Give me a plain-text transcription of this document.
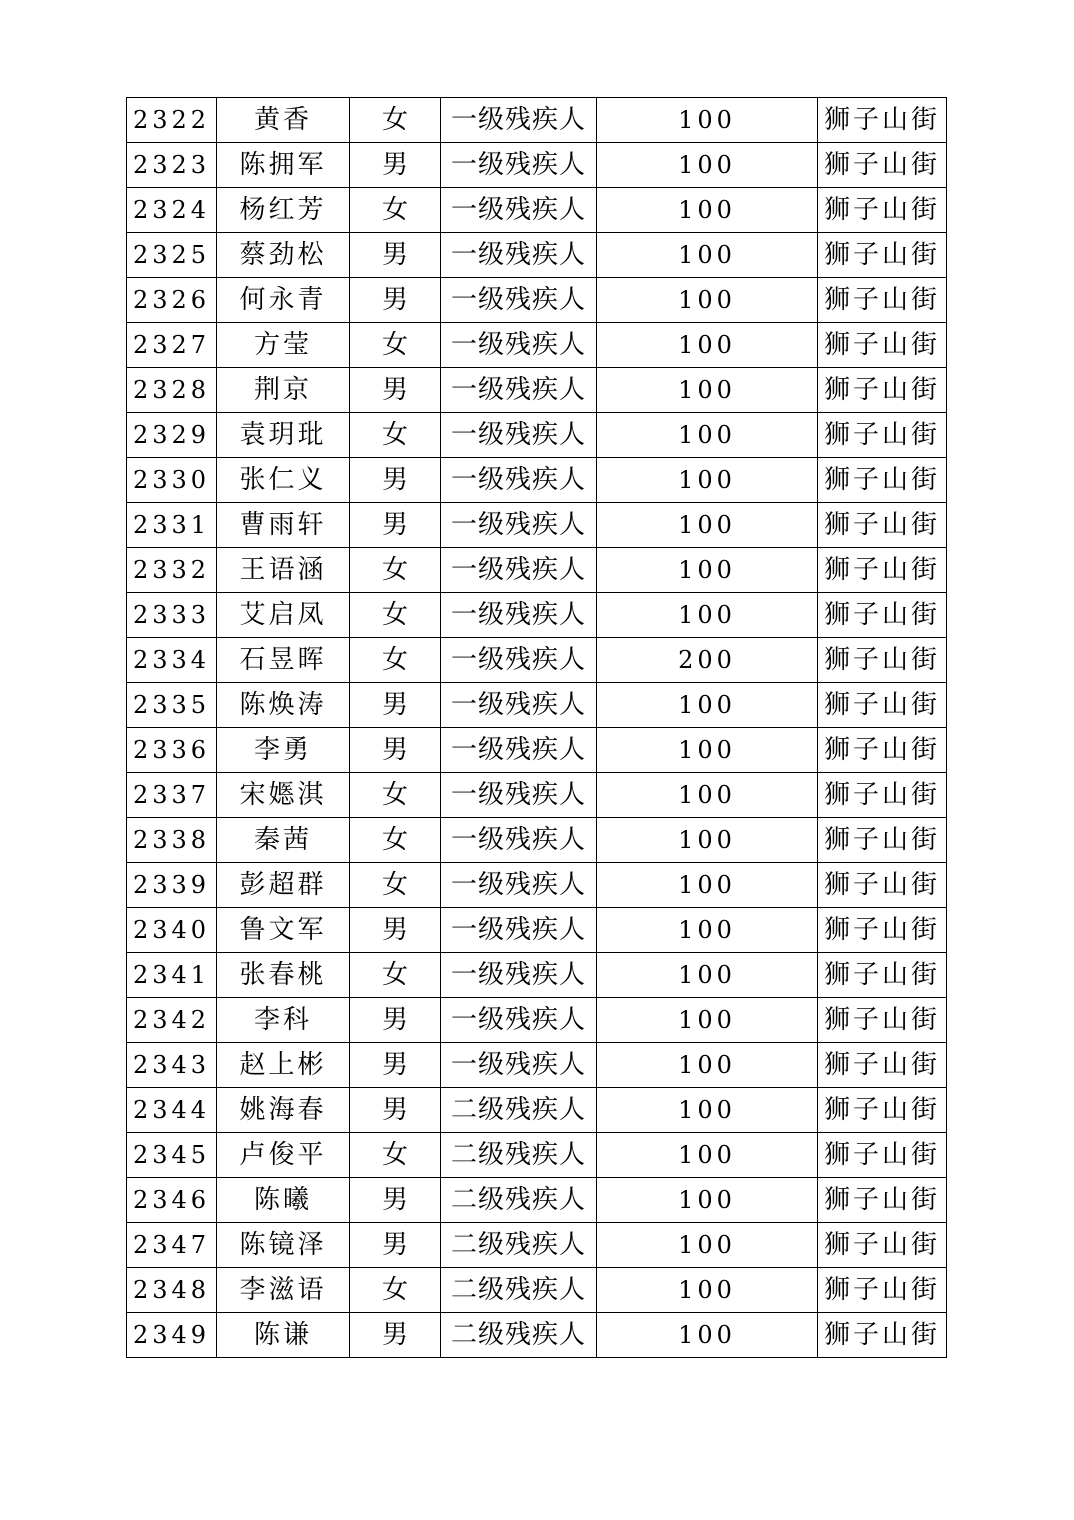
2322	黄香	女	一级残疾人	100	狮子山街
2323	陈拥军	男	一级残疾人	100	狮子山街
2324	杨红芳	女	一级残疾人	100	狮子山街
2325	蔡劲松	男	一级残疾人	100	狮子山街
2326	何永青	男	一级残疾人	100	狮子山街
2327	方莹	女	一级残疾人	100	狮子山街
2328	荆京	男	一级残疾人	100	狮子山街
2329	袁玥玭	女	一级残疾人	100	狮子山街
2330	张仁义	男	一级残疾人	100	狮子山街
2331	曹雨轩	男	一级残疾人	100	狮子山街
2332	王语涵	女	一级残疾人	100	狮子山街
2333	艾启凤	女	一级残疾人	100	狮子山街
2334	石昱晖	女	一级残疾人	200	狮子山街
2335	陈焕涛	男	一级残疾人	100	狮子山街
2336	李勇	男	一级残疾人	100	狮子山街
2337	宋嫕淇	女	一级残疾人	100	狮子山街
2338	秦茜	女	一级残疾人	100	狮子山街
2339	彭超群	女	一级残疾人	100	狮子山街
2340	鲁文军	男	一级残疾人	100	狮子山街
2341	张春桃	女	一级残疾人	100	狮子山街
2342	李科	男	一级残疾人	100	狮子山街
2343	赵上彬	男	一级残疾人	100	狮子山街
2344	姚海春	男	二级残疾人	100	狮子山街
2345	卢俊平	女	二级残疾人	100	狮子山街
2346	陈曦	男	二级残疾人	100	狮子山街
2347	陈镜泽	男	二级残疾人	100	狮子山街
2348	李滋语	女	二级残疾人	100	狮子山街
2349	陈谦	男	二级残疾人	100	狮子山街
